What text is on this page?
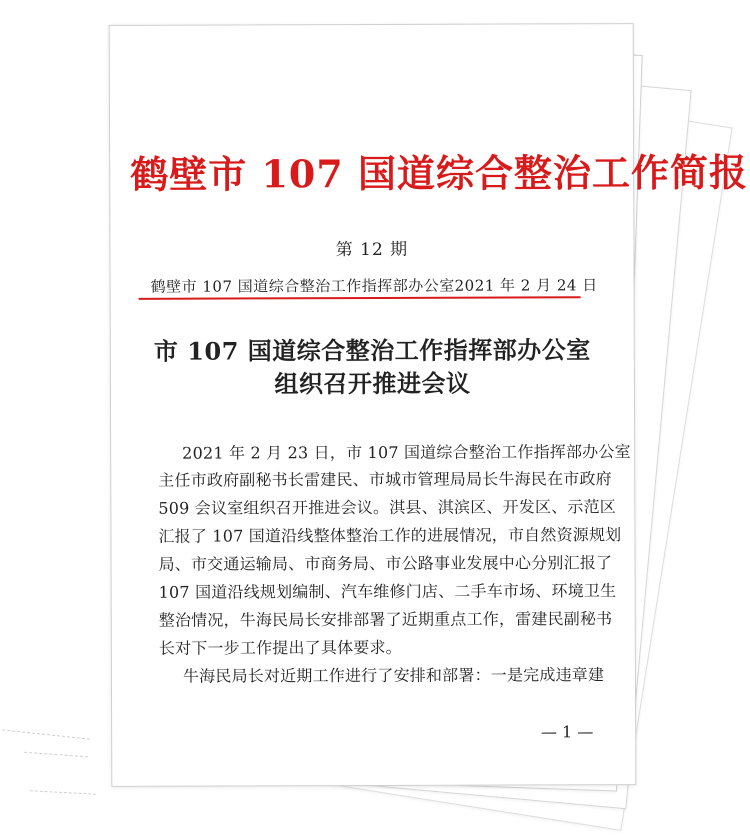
鹤壁市 107 国道综合整治工作简报
第 12 期
鹤壁市 107 国道综合整治工作指挥部办公室 2021 年 2 月 24 日
市 107 国道综合整治工作指挥部办公室
组织召开推进会议
2021 年 2 月 23 日，市 107 国道综合整治工作指挥部办公室
主任市政府副秘书长雷建民、市城市管理局局长牛海民在市政府
509 会议室组织召开推进会议。淇县、淇滨区、开发区、示范区
汇报了 107 国道沿线整体整治工作的进展情况，市自然资源规划
局、市交通运输局、市商务局、市公路事业发展中心分别汇报了
107 国道沿线规划编制、汽车维修门店、二手车市场、环境卫生
整治情况，牛海民局长安排部署了近期重点工作，雷建民副秘书
长对下一步工作提出了具体要求。
牛海民局长对近期工作进行了安排和部署：一是完成违章建
— 1 —
